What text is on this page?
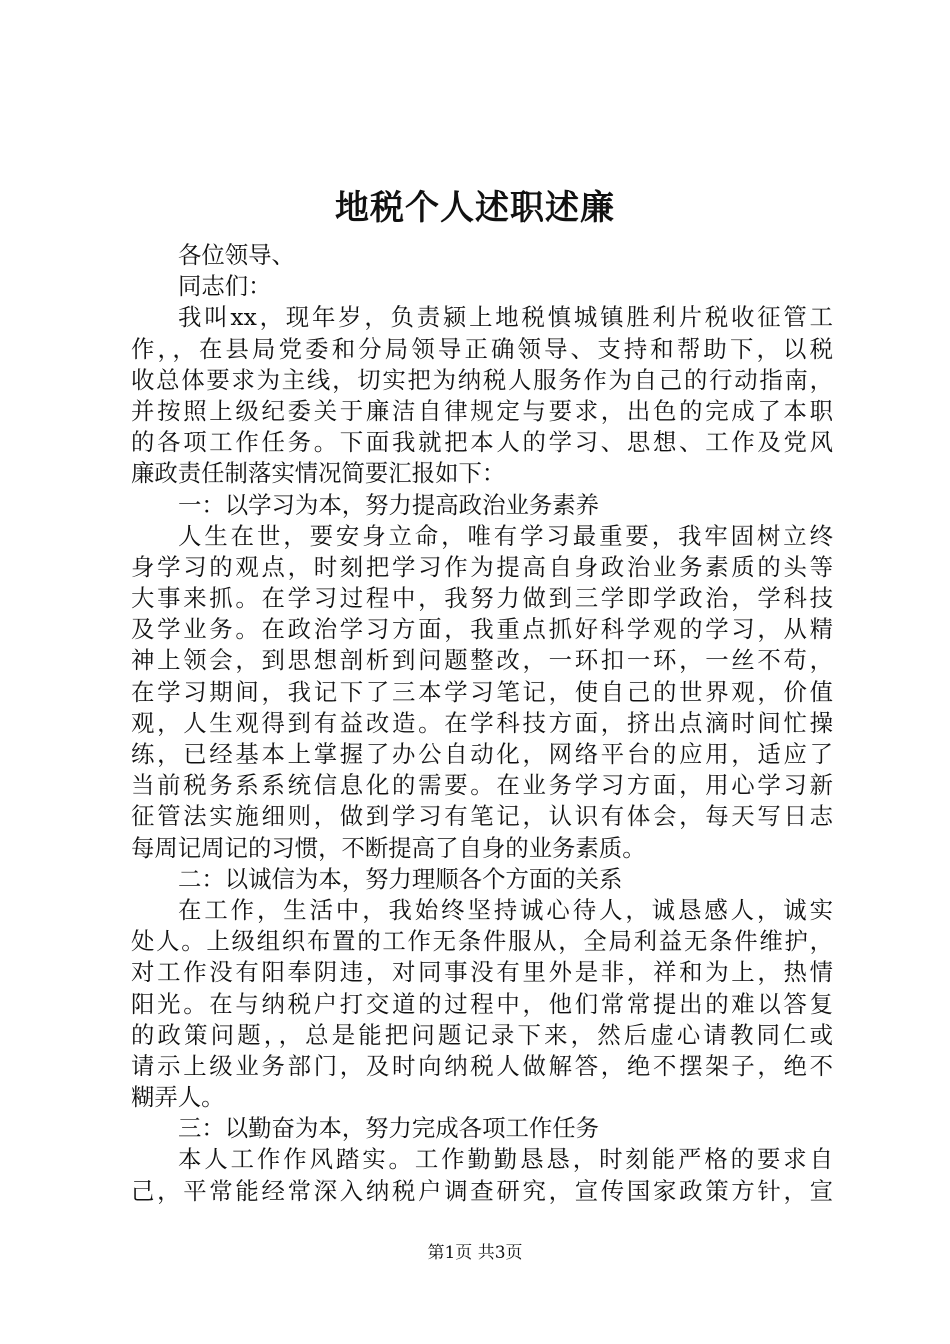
地税个人述职述廉
各位领导、
同志们：
我叫xx，现年岁，负责颍上地税慎城镇胜利片税收征管工
作，，在县局党委和分局领导正确领导、支持和帮助下，以税
收总体要求为主线，切实把为纳税人服务作为自己的行动指南，
并按照上级纪委关于廉洁自律规定与要求，出色的完成了本职
的各项工作任务。下面我就把本人的学习、思想、工作及党风
廉政责任制落实情况简要汇报如下：
一：以学习为本，努力提高政治业务素养
人生在世，要安身立命，唯有学习最重要，我牢固树立终
身学习的观点，时刻把学习作为提高自身政治业务素质的头等
大事来抓。在学习过程中，我努力做到三学即学政治，学科技
及学业务。在政治学习方面，我重点抓好科学观的学习，从精
神上领会，到思想剖析到问题整改，一环扣一环，一丝不苟，
在学习期间，我记下了三本学习笔记，使自己的世界观，价值
观，人生观得到有益改造。在学科技方面，挤出点滴时间忙操
练，已经基本上掌握了办公自动化，网络平台的应用，适应了
当前税务系系统信息化的需要。在业务学习方面，用心学习新
征管法实施细则，做到学习有笔记，认识有体会，每天写日志
每周记周记的习惯，不断提高了自身的业务素质。
二：以诚信为本，努力理顺各个方面的关系
在工作，生活中，我始终坚持诚心待人，诚恳感人，诚实
处人。上级组织布置的工作无条件服从，全局利益无条件维护，
对工作没有阳奉阴违，对同事没有里外是非，祥和为上，热情
阳光。在与纳税户打交道的过程中，他们常常提出的难以答复
的政策问题，，总是能把问题记录下来，然后虚心请教同仁或
请示上级业务部门，及时向纳税人做解答，绝不摆架子，绝不
糊弄人。
三：以勤奋为本，努力完成各项工作任务
本人工作作风踏实。工作勤勤恳恳，时刻能严格的要求自
己，平常能经常深入纳税户调查研究，宣传国家政策方针，宣
第1页 共3页
